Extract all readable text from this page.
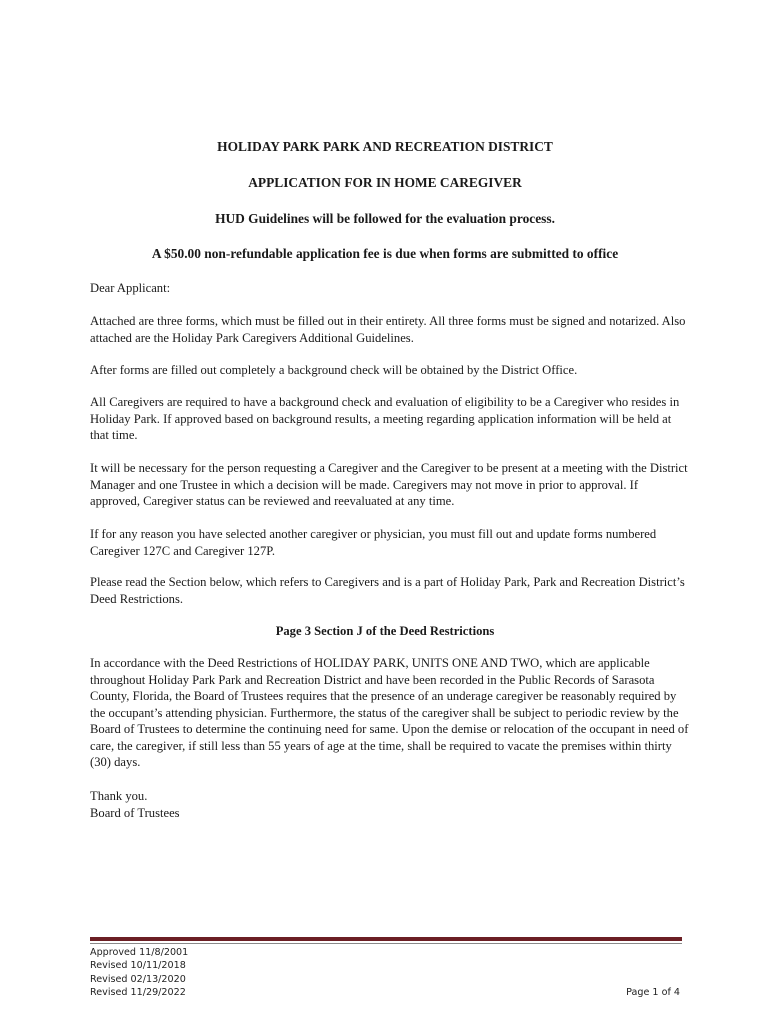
HOLIDAY PARK PARK AND RECREATION DISTRICT
APPLICATION FOR IN HOME CAREGIVER
HUD Guidelines will be followed for the evaluation process.
A $50.00 non-refundable application fee is due when forms are submitted to office

Dear Applicant:

Attached are three forms, which must be filled out in their entirety. All three forms must be signed and notarized. Also attached are the Holiday Park Caregivers Additional Guidelines.

After forms are filled out completely a background check will be obtained by the District Office.

All Caregivers are required to have a background check and evaluation of eligibility to be a Caregiver who resides in Holiday Park. If approved based on background results, a meeting regarding application information will be held at that time.

It will be necessary for the person requesting a Caregiver and the Caregiver to be present at a meeting with the District Manager and one Trustee in which a decision will be made. Caregivers may not move in prior to approval. If approved, Caregiver status can be reviewed and reevaluated at any time.

If for any reason you have selected another caregiver or physician, you must fill out and update forms numbered Caregiver 127C and Caregiver 127P.

Please read the Section below, which refers to Caregivers and is a part of Holiday Park, Park and Recreation District’s Deed Restrictions.

Page 3 Section J of the Deed Restrictions

In accordance with the Deed Restrictions of HOLIDAY PARK, UNITS ONE AND TWO, which are applicable throughout Holiday Park Park and Recreation District and have been recorded in the Public Records of Sarasota County, Florida, the Board of Trustees requires that the presence of an underage caregiver be reasonably required by the occupant’s attending physician. Furthermore, the status of the caregiver shall be subject to periodic review by the Board of Trustees to determine the continuing need for same. Upon the demise or relocation of the occupant in need of care, the caregiver, if still less than 55 years of age at the time, shall be required to vacate the premises within thirty (30) days.

Thank you.

Board of Trustees

Approved 11/8/2001
Revised 10/11/2018
Revised 02/13/2020
Revised 11/29/2022	Page 1 of 4
